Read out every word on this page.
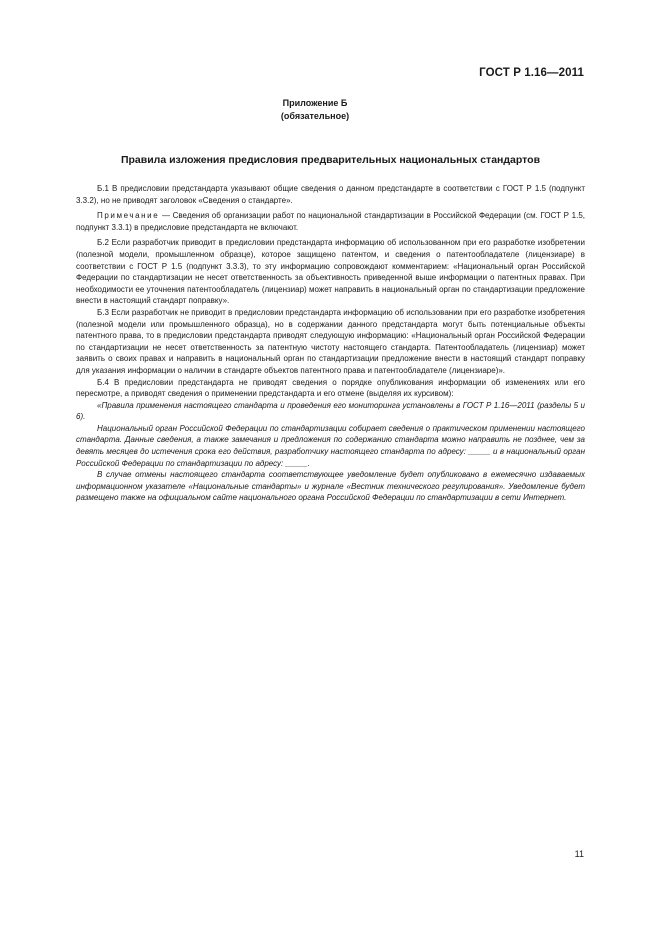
ГОСТ Р 1.16—2011
Приложение Б
(обязательное)
Правила изложения предисловия предварительных национальных стандартов

Б.1 В предисловии предстандарта указывают общие сведения о данном предстандарте в соответствии с ГОСТ Р 1.5 (подпункт 3.3.2), но не приводят заголовок «Сведения о стандарте».

Примечание — Сведения об организации работ по национальной стандартизации в Российской Федерации (см. ГОСТ Р 1.5, подпункт 3.3.1) в предисловие предстандарта не включают.

Б.2 Если разработчик приводит в предисловии предстандарта информацию об использованном при его разработке изобретении (полезной модели, промышленном образце), которое защищено патентом, и сведения о патентообладателе (лицензиаре) в соответствии с ГОСТ Р 1.5 (подпункт 3.3.3), то эту информацию сопровождают комментарием: «Национальный орган Российской Федерации по стандартизации не несет ответственность за объективность приведенной выше информации о патентных правах. При необходимости ее уточнения патентообладатель (лицензиар) может направить в национальный орган по стандартизации предложение внести в настоящий стандарт поправку».

Б.3 Если разработчик не приводит в предисловии предстандарта информацию об использовании при его разработке изобретения (полезной модели или промышленного образца), но в содержании данного предстандарта могут быть потенциальные объекты патентного права, то в предисловии предстандарта приводят следующую информацию: «Национальный орган Российской Федерации по стандартизации не несет ответственность за патентную чистоту настоящего стандарта. Патентообладатель (лицензиар) может заявить о своих правах и направить в национальный орган по стандартизации предложение внести в настоящий стандарт поправку для указания информации о наличии в стандарте объектов патентного права и патентообладателе (лицензиаре)».

Б.4 В предисловии предстандарта не приводят сведения о порядке опубликования информации об изменениях или его пересмотре, а приводят сведения о применении предстандарта и его отмене (выделяя их курсивом):

«Правила применения настоящего стандарта и проведения его мониторинга установлены в ГОСТ Р 1.16—2011 (разделы 5 и 6).

Национальный орган Российской Федерации по стандартизации собирает сведения о практическом применении настоящего стандарта. Данные сведения, а также замечания и предложения по содержанию стандарта можно направить не позднее, чем за девять месяцев до истечения срока его действия, разработчику настоящего стандарта по адресу: _____ и в национальный орган Российской Федерации по стандартизации по адресу: _____.

В случае отмены настоящего стандарта соответствующее уведомление будет опубликовано в ежемесячно издаваемых информационном указателе «Национальные стандарты» и журнале «Вестник технического регулирования». Уведомление будет размещено также на официальном сайте национального органа Российской Федерации по стандартизации в сети Интернет.

11
